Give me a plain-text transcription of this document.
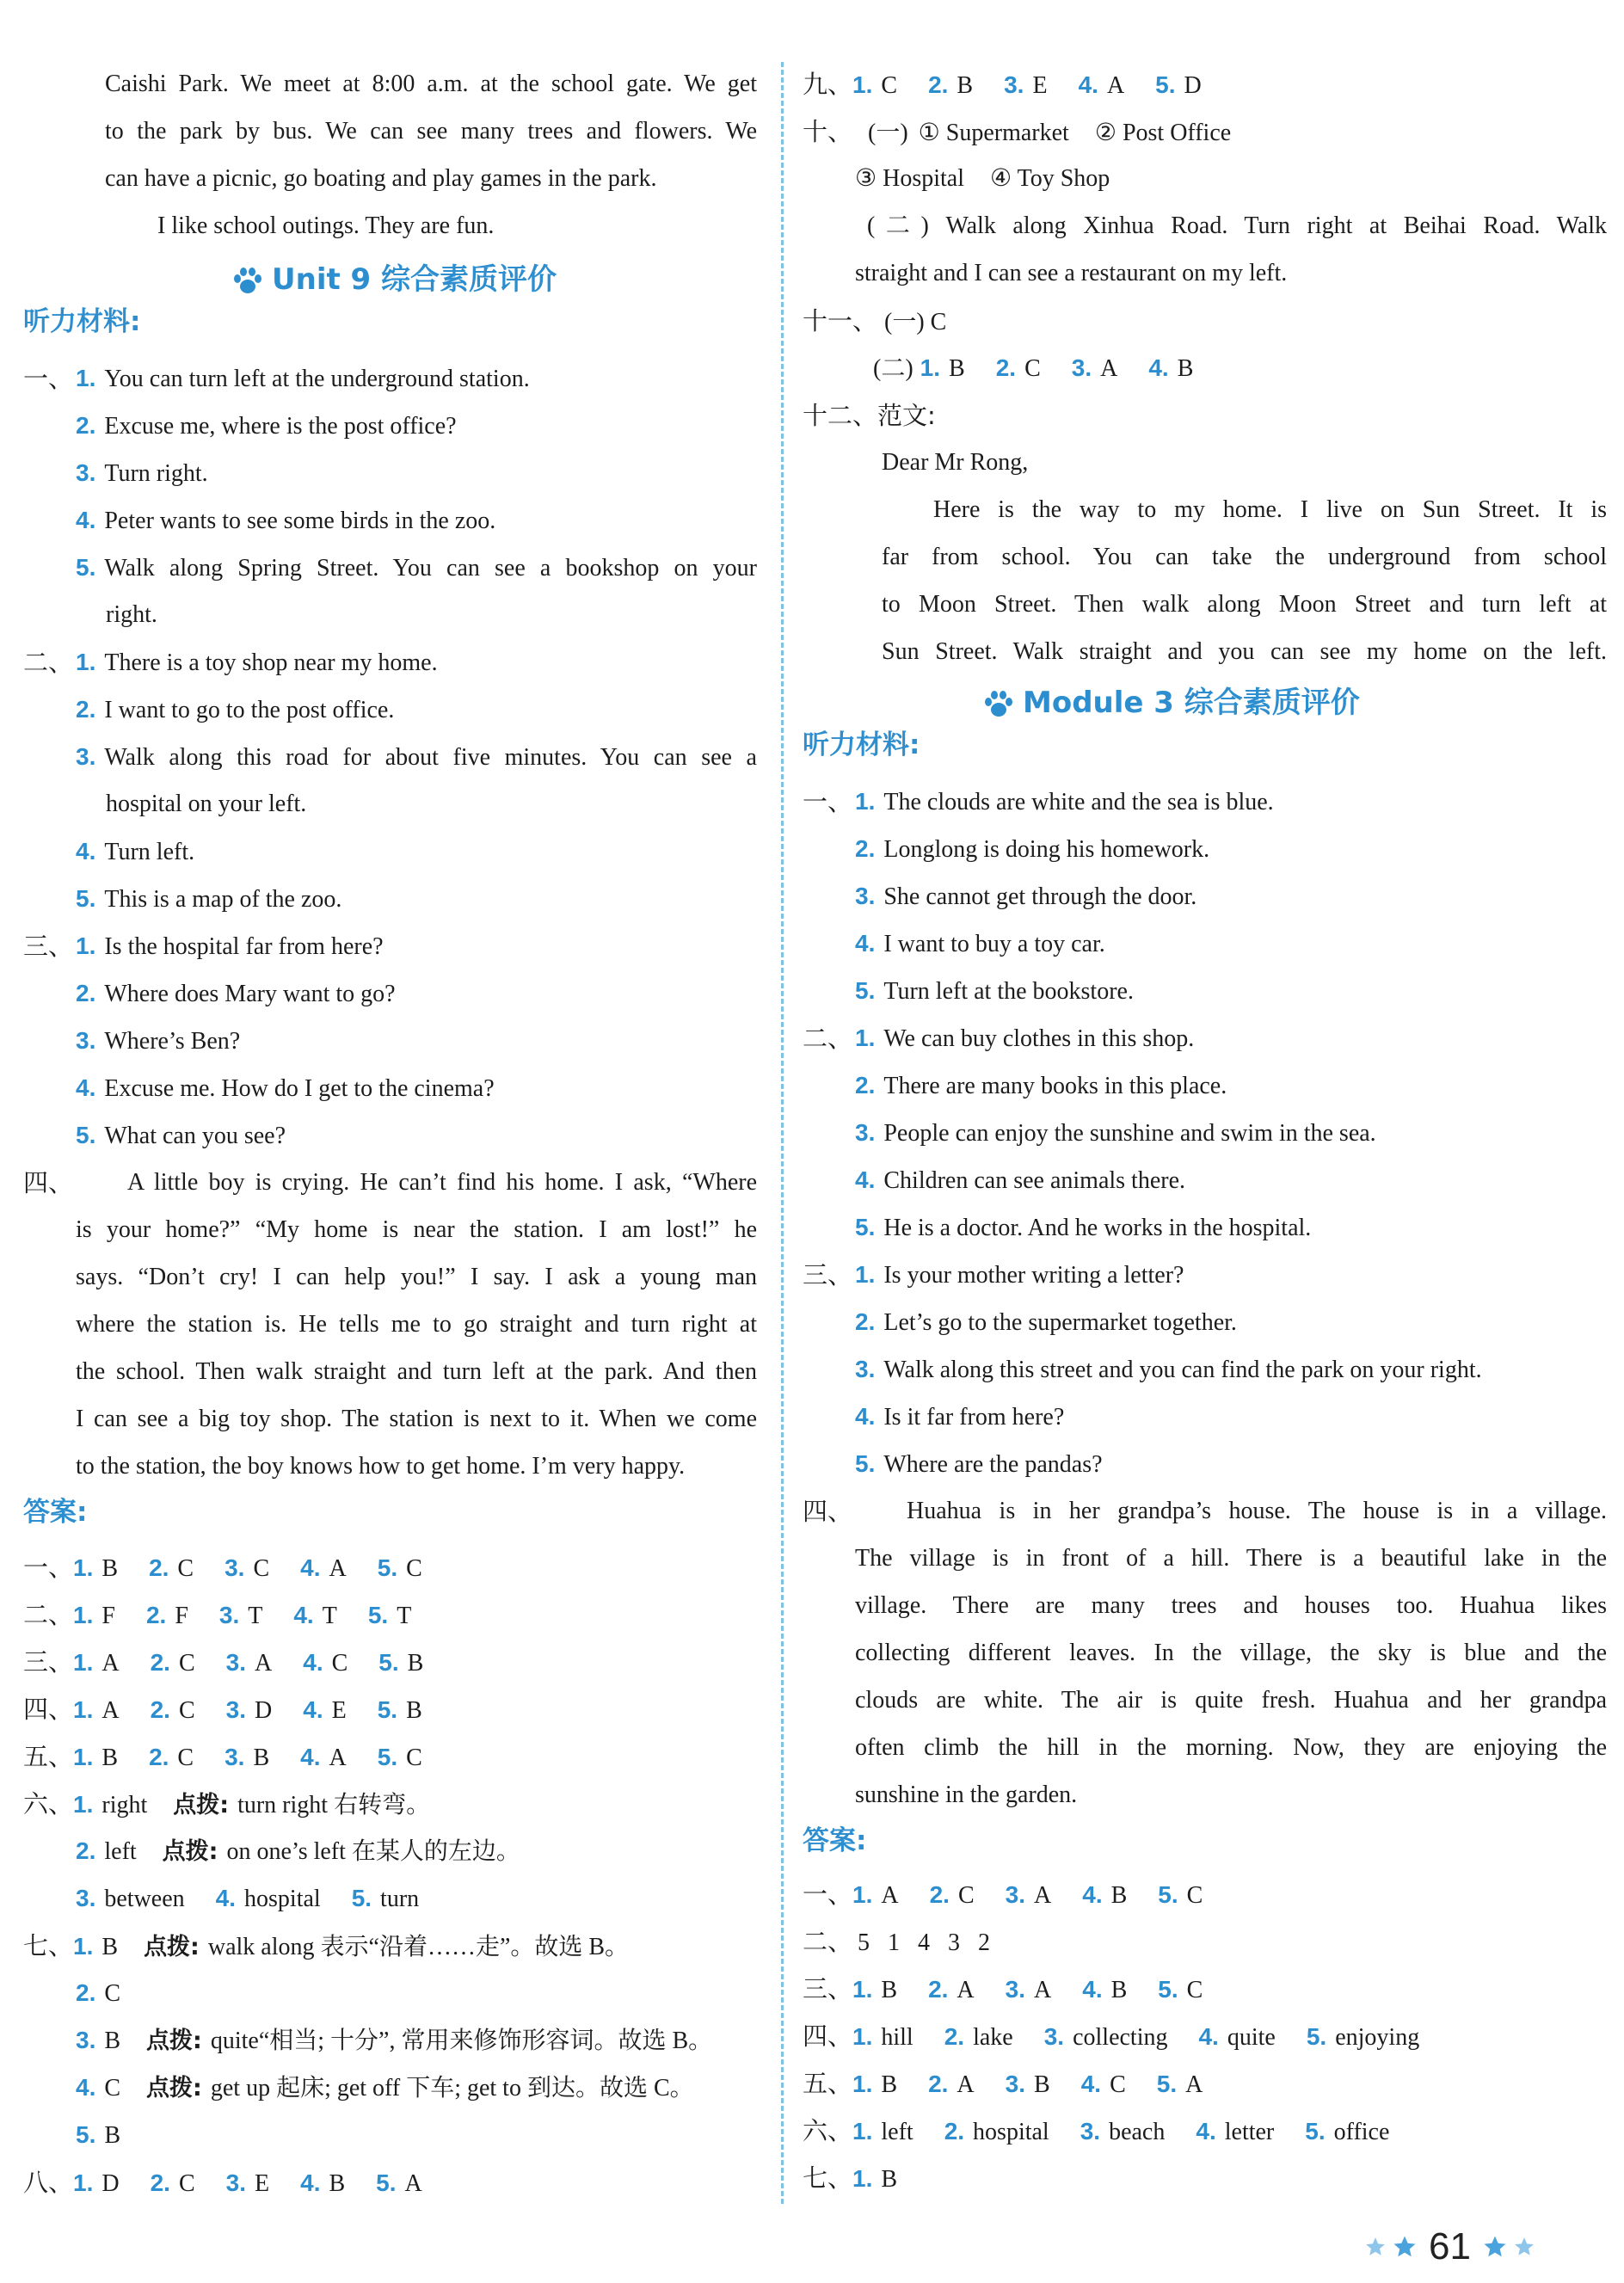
Caishi Park. We meet at 8:00 a.m. at the school gate. We get
to the park by bus. We can see many trees and flowers. We
can have a picnic, go boating and play games in the park.
I like school outings. They are fun.
Unit 9 综合素质评价
听力材料:
一、 1. You can turn left at the underground station.
2. Excuse me, where is the post office?
3. Turn right.
4. Peter wants to see some birds in the zoo.
5. Walk along Spring Street. You can see a bookshop on your
right.
二、 1. There is a toy shop near my home.
2. I want to go to the post office.
3. Walk along this road for about five minutes. You can see a
hospital on your left.
4. Turn left.
5. This is a map of the zoo.
三、 1. Is the hospital far from here?
2. Where does Mary want to go?
3. Where’s Ben?
4. Excuse me. How do I get to the cinema?
5. What can you see?
四、 A little boy is crying. He can’t find his home. I ask, “Where
is your home?” “My home is near the station. I am lost!” he
says. “Don’t cry! I can help you!” I say. I ask a young man
where the station is. He tells me to go straight and turn right at
the school. Then walk straight and turn left at the park. And then
I can see a big toy shop. The station is next to it. When we come
to the station, the boy knows how to get home. I’m very happy.
答案:
一、1. B 2. C 3. C 4. A 5. C
二、1. F 2. F 3. T 4. T 5. T
三、1. A 2. C 3. A 4. C 5. B
四、1. A 2. C 3. D 4. E 5. B
五、1. B 2. C 3. B 4. A 5. C
六、1. right 点拨: turn right 右转弯。
2. left 点拨: on one’s left 在某人的左边。
3. between 4. hospital 5. turn
七、1. B 点拨: walk along 表示“沿着……走”。故选 B。
2. C
3. B 点拨: quite“相当; 十分”, 常用来修饰形容词。故选 B。
4. C 点拨: get up 起床; get off 下车; get to 到达。故选 C。
5. B
八、1. D 2. C 3. E 4. B 5. A
九、1. C 2. B 3. E 4. A 5. D
十、 (一) ① Supermarket ② Post Office
③ Hospital ④ Toy Shop
(二) Walk along Xinhua Road. Turn right at Beihai Road. Walk
straight and I can see a restaurant on my left.
十一、 (一) C
(二) 1. B 2. C 3. A 4. B
十二、范文:
Dear Mr Rong,
Here is the way to my home. I live on Sun Street. It is
far from school. You can take the underground from school
to Moon Street. Then walk along Moon Street and turn left at
Sun Street. Walk straight and you can see my home on the left.
Module 3 综合素质评价
听力材料:
一、 1. The clouds are white and the sea is blue.
2. Longlong is doing his homework.
3. She cannot get through the door.
4. I want to buy a toy car.
5. Turn left at the bookstore.
二、 1. We can buy clothes in this shop.
2. There are many books in this place.
3. People can enjoy the sunshine and swim in the sea.
4. Children can see animals there.
5. He is a doctor. And he works in the hospital.
三、 1. Is your mother writing a letter?
2. Let’s go to the supermarket together.
3. Walk along this street and you can find the park on your right.
4. Is it far from here?
5. Where are the pandas?
四、 Huahua is in her grandpa’s house. The house is in a village.
The village is in front of a hill. There is a beautiful lake in the
village. There are many trees and houses too. Huahua likes
collecting different leaves. In the village, the sky is blue and the
clouds are white. The air is quite fresh. Huahua and her grandpa
often climb the hill in the morning. Now, they are enjoying the
sunshine in the garden.
答案:
一、1. A 2. C 3. A 4. B 5. C
二、 5   1   4   3   2
三、1. B 2. A 3. A 4. B 5. C
四、1. hill 2. lake 3. collecting 4. quite 5. enjoying
五、1. B 2. A 3. B 4. C 5. A
六、1. left 2. hospital 3. beach 4. letter 5. office
七、1. B
61
